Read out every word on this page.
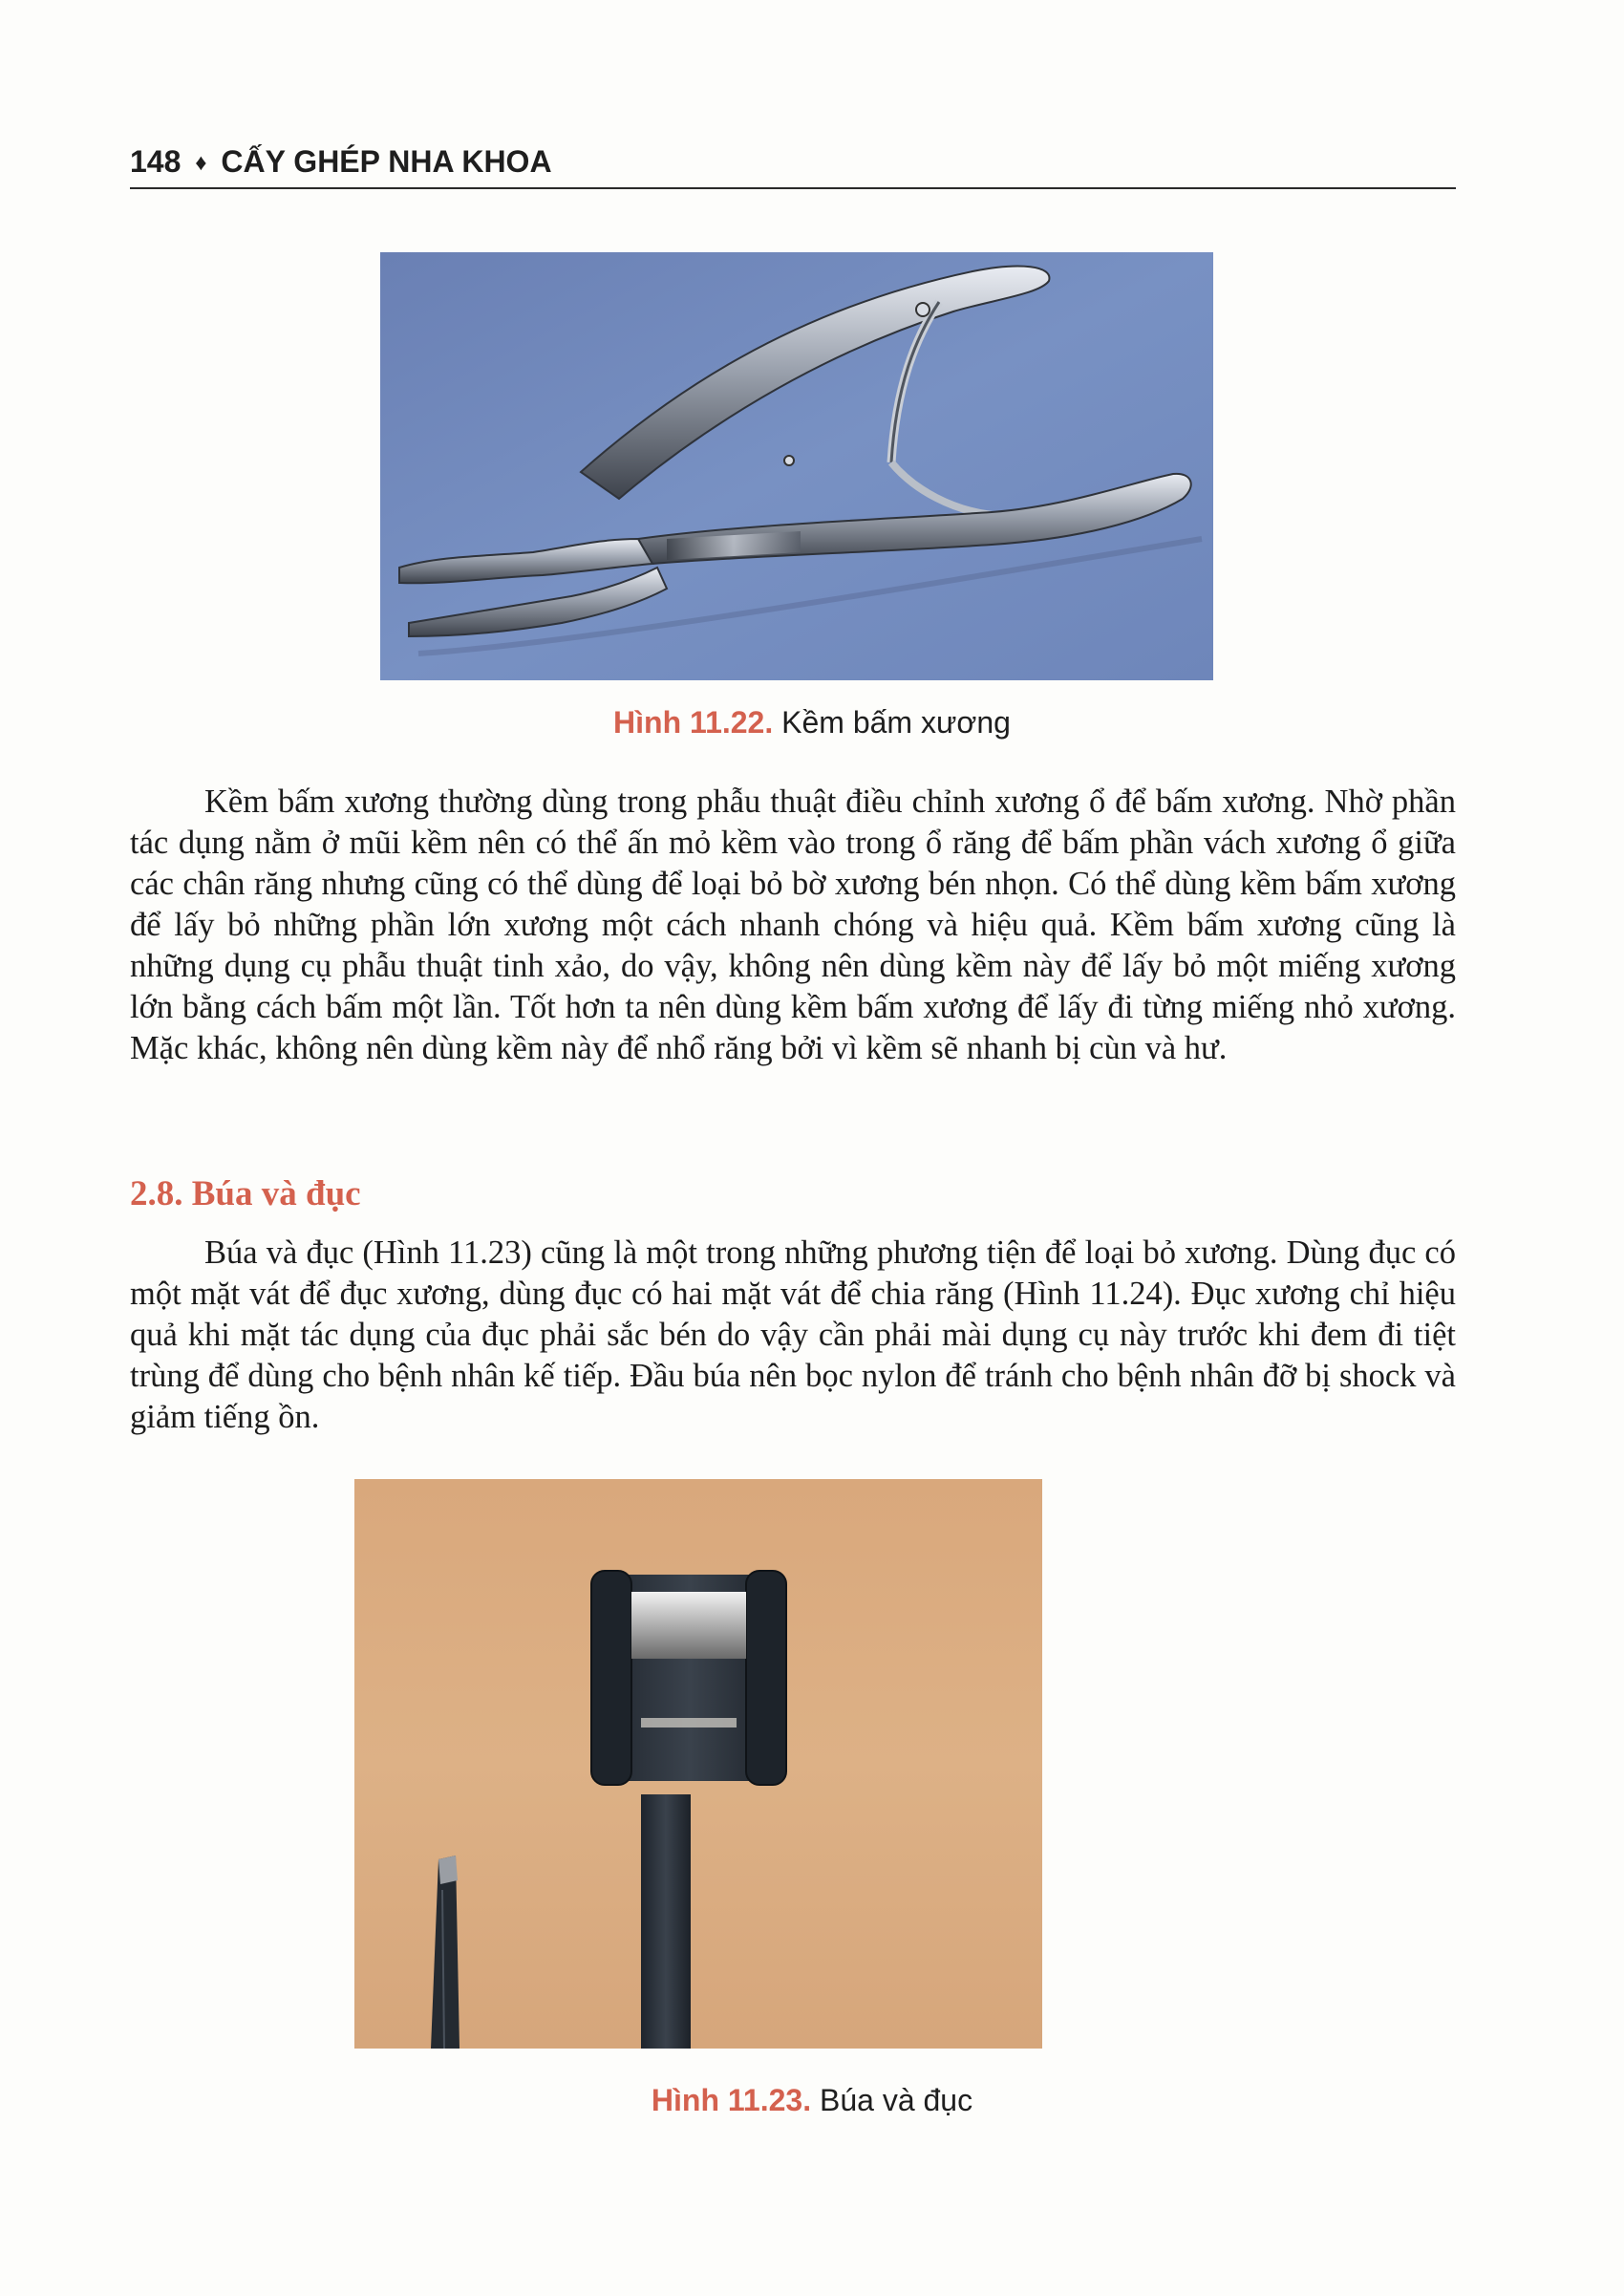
148 ♦ CẤY GHÉP NHA KHOA
Hình 11.22. Kềm bấm xương

Kềm bấm xương thường dùng trong phẫu thuật điều chỉnh xương ổ để bấm xương. Nhờ phần tác dụng nằm ở mũi kềm nên có thể ấn mỏ kềm vào trong ổ răng để bấm phần vách xương ổ giữa các chân răng nhưng cũng có thể dùng để loại bỏ bờ xương bén nhọn. Có thể dùng kềm bấm xương để lấy bỏ những phần lớn xương một cách nhanh chóng và hiệu quả. Kềm bấm xương cũng là những dụng cụ phẫu thuật tinh xảo, do vậy, không nên dùng kềm này để lấy bỏ một miếng xương lớn bằng cách bấm một lần. Tốt hơn ta nên dùng kềm bấm xương để lấy đi từng miếng nhỏ xương. Mặc khác, không nên dùng kềm này để nhổ răng bởi vì kềm sẽ nhanh bị cùn và hư.

2.8. Búa và đục

Búa và đục (Hình 11.23) cũng là một trong những phương tiện để loại bỏ xương. Dùng đục có một mặt vát để đục xương, dùng đục có hai mặt vát để chia răng (Hình 11.24). Đục xương chỉ hiệu quả khi mặt tác dụng của đục phải sắc bén do vậy cần phải mài dụng cụ này trước khi đem đi tiệt trùng để dùng cho bệnh nhân kế tiếp. Đầu búa nên bọc nylon để tránh cho bệnh nhân đỡ bị shock và giảm tiếng ồn.

Hình 11.23. Búa và đục
